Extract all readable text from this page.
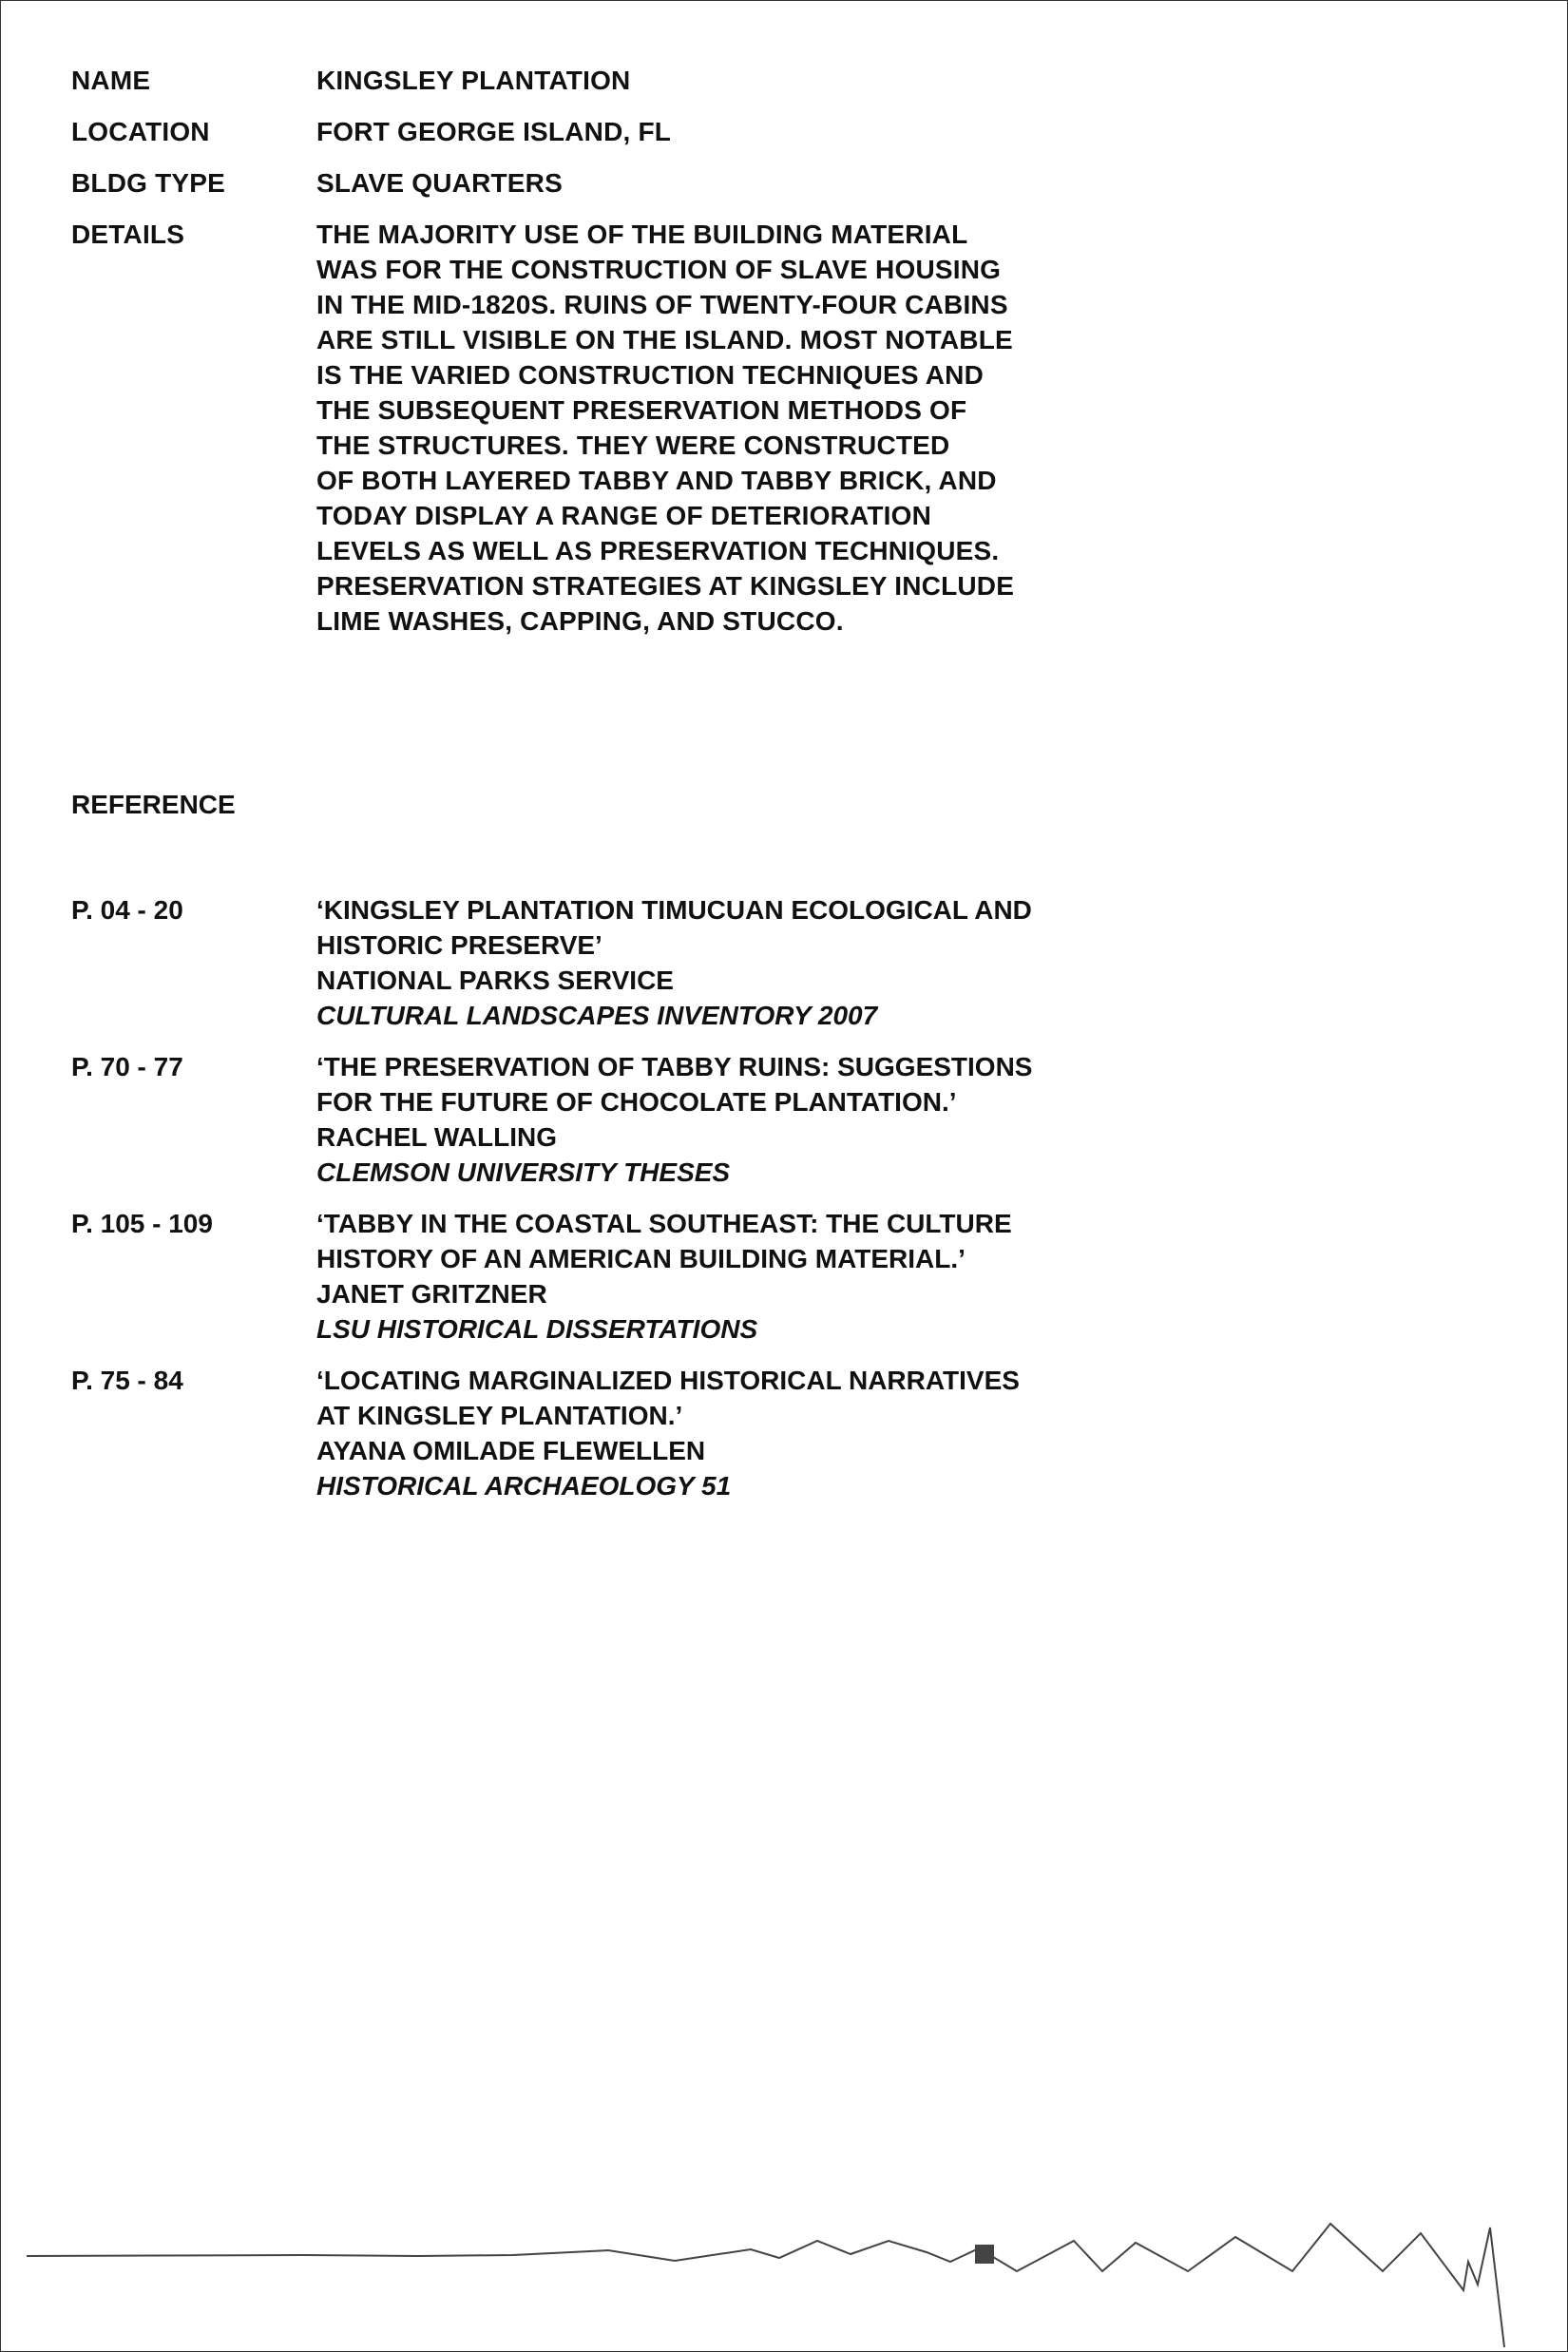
NAME	KINGSLEY PLANTATION
LOCATION	FORT GEORGE ISLAND, FL
BLDG TYPE	SLAVE QUARTERS
DETAILS	THE MAJORITY USE OF THE BUILDING MATERIAL
WAS FOR THE CONSTRUCTION OF SLAVE HOUSING
IN THE MID-1820S. RUINS OF TWENTY-FOUR CABINS
ARE STILL VISIBLE ON THE ISLAND. MOST NOTABLE
IS THE VARIED CONSTRUCTION TECHNIQUES AND
THE SUBSEQUENT PRESERVATION METHODS OF
THE STRUCTURES. THEY WERE CONSTRUCTED
OF BOTH LAYERED TABBY AND TABBY BRICK, AND
TODAY DISPLAY A RANGE OF DETERIORATION
LEVELS AS WELL AS PRESERVATION TECHNIQUES.
PRESERVATION STRATEGIES AT KINGSLEY INCLUDE
LIME WASHES, CAPPING, AND STUCCO.
REFERENCE
P. 04 - 20	‘KINGSLEY PLANTATION TIMUCUAN ECOLOGICAL AND
HISTORIC PRESERVE’
NATIONAL PARKS SERVICE
CULTURAL LANDSCAPES INVENTORY 2007
P. 70 - 77	‘THE PRESERVATION OF TABBY RUINS: SUGGESTIONS
FOR THE FUTURE OF CHOCOLATE PLANTATION.’
RACHEL WALLING
CLEMSON UNIVERSITY THESES
P. 105 - 109	‘TABBY IN THE COASTAL SOUTHEAST: THE CULTURE
HISTORY OF AN AMERICAN BUILDING MATERIAL.’
JANET GRITZNER
LSU HISTORICAL DISSERTATIONS
P. 75 - 84	‘LOCATING MARGINALIZED HISTORICAL NARRATIVES
AT KINGSLEY PLANTATION.’
AYANA OMILADE FLEWELLEN
HISTORICAL ARCHAEOLOGY 51
